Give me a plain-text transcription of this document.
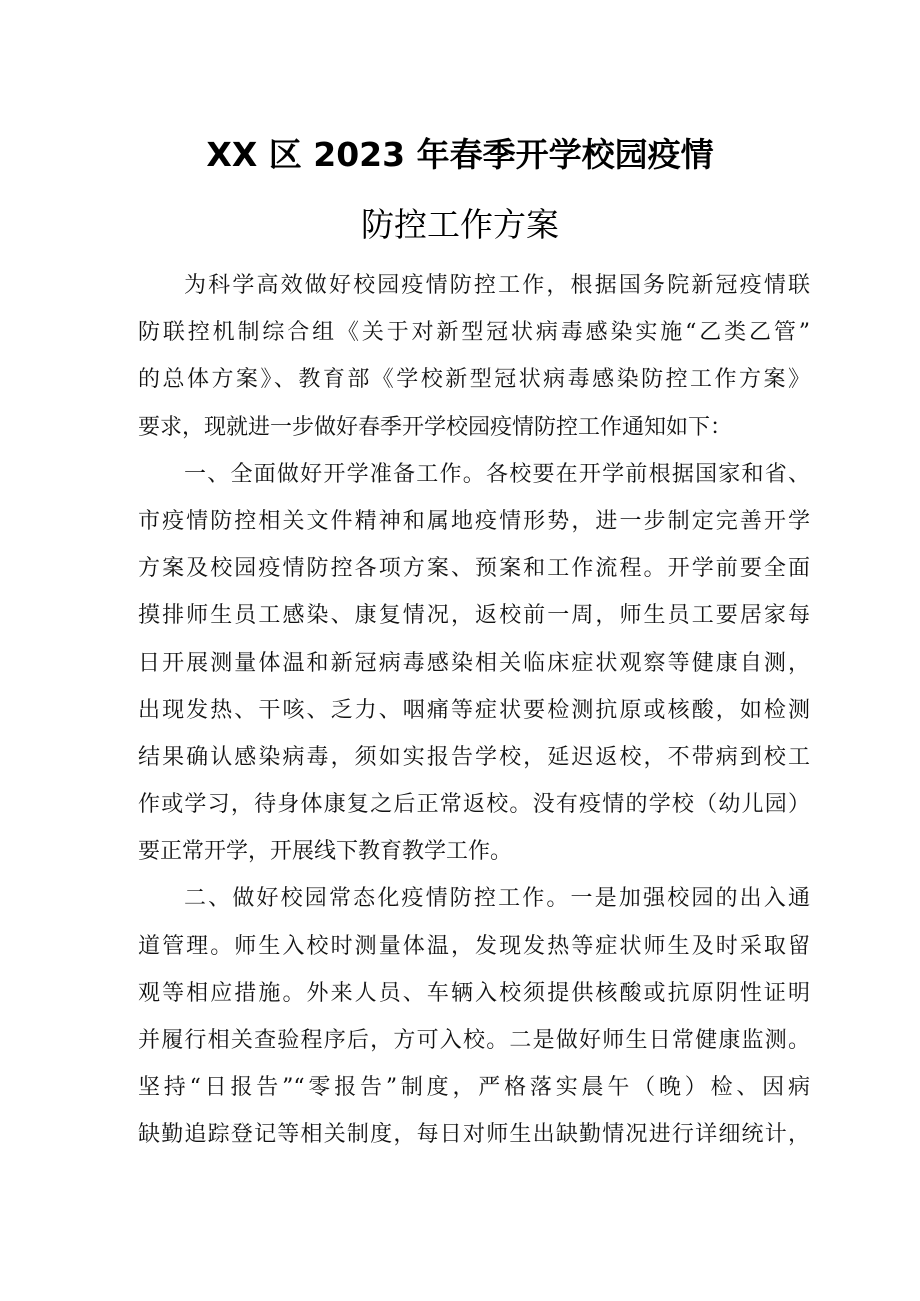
XX 区 2023 年春季开学校园疫情
防控工作方案
为科学高效做好校园疫情防控工作，根据国务院新冠疫情联
防联控机制综合组《关于对新型冠状病毒感染实施“乙类乙管”
的总体方案》、教育部《学校新型冠状病毒感染防控工作方案》
要求，现就进一步做好春季开学校园疫情防控工作通知如下：
一、全面做好开学准备工作。各校要在开学前根据国家和省、
市疫情防控相关文件精神和属地疫情形势，进一步制定完善开学
方案及校园疫情防控各项方案、预案和工作流程。开学前要全面
摸排师生员工感染、康复情况，返校前一周，师生员工要居家每
日开展测量体温和新冠病毒感染相关临床症状观察等健康自测，
出现发热、干咳、乏力、咽痛等症状要检测抗原或核酸，如检测
结果确认感染病毒，须如实报告学校，延迟返校，不带病到校工
作或学习，待身体康复之后正常返校。没有疫情的学校（幼儿园）
要正常开学，开展线下教育教学工作。
二、做好校园常态化疫情防控工作。一是加强校园的出入通
道管理。师生入校时测量体温，发现发热等症状师生及时采取留
观等相应措施。外来人员、车辆入校须提供核酸或抗原阴性证明
并履行相关查验程序后，方可入校。二是做好师生日常健康监测。
坚持“日报告”“零报告”制度，严格落实晨午（晚）检、因病
缺勤追踪登记等相关制度，每日对师生出缺勤情况进行详细统计，
